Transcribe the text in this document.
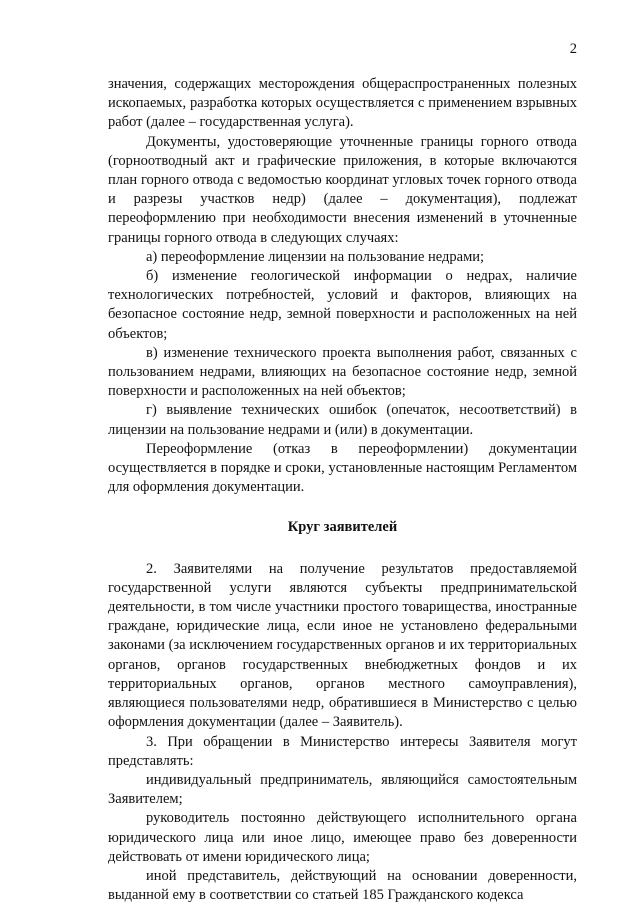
2

значения, содержащих месторождения общераспространенных полезных ископаемых, разработка которых осуществляется с применением взрывных работ (далее – государственная услуга).

Документы, удостоверяющие уточненные границы горного отвода (горноотводный акт и графические приложения, в которые включаются план горного отвода с ведомостью координат угловых точек горного отвода и разрезы участков недр) (далее – документация), подлежат переоформлению при необходимости внесения изменений в уточненные границы горного отвода в следующих случаях:

а) переоформление лицензии на пользование недрами;

б) изменение геологической информации о недрах, наличие технологических потребностей, условий и факторов, влияющих на безопасное состояние недр, земной поверхности и расположенных на ней объектов;

в) изменение технического проекта выполнения работ, связанных с пользованием недрами, влияющих на безопасное состояние недр, земной поверхности и расположенных на ней объектов;

г) выявление технических ошибок (опечаток, несоответствий) в лицензии на пользование недрами и (или) в документации.

Переоформление (отказ в переоформлении) документации осуществляется в порядке и сроки, установленные настоящим Регламентом для оформления документации.

Круг заявителей

2. Заявителями на получение результатов предоставляемой государственной услуги являются субъекты предпринимательской деятельности, в том числе участники простого товарищества, иностранные граждане, юридические лица, если иное не установлено федеральными законами (за исключением государственных органов и их территориальных органов, органов государственных внебюджетных фондов и их территориальных органов, органов местного самоуправления), являющиеся пользователями недр, обратившиеся в Министерство с целью оформления документации (далее – Заявитель).

3. При обращении в Министерство интересы Заявителя могут представлять:

индивидуальный предприниматель, являющийся самостоятельным Заявителем;

руководитель постоянно действующего исполнительного органа юридического лица или иное лицо, имеющее право без доверенности действовать от имени юридического лица;

иной представитель, действующий на основании доверенности, выданной ему в соответствии со статьей 185 Гражданского кодекса
